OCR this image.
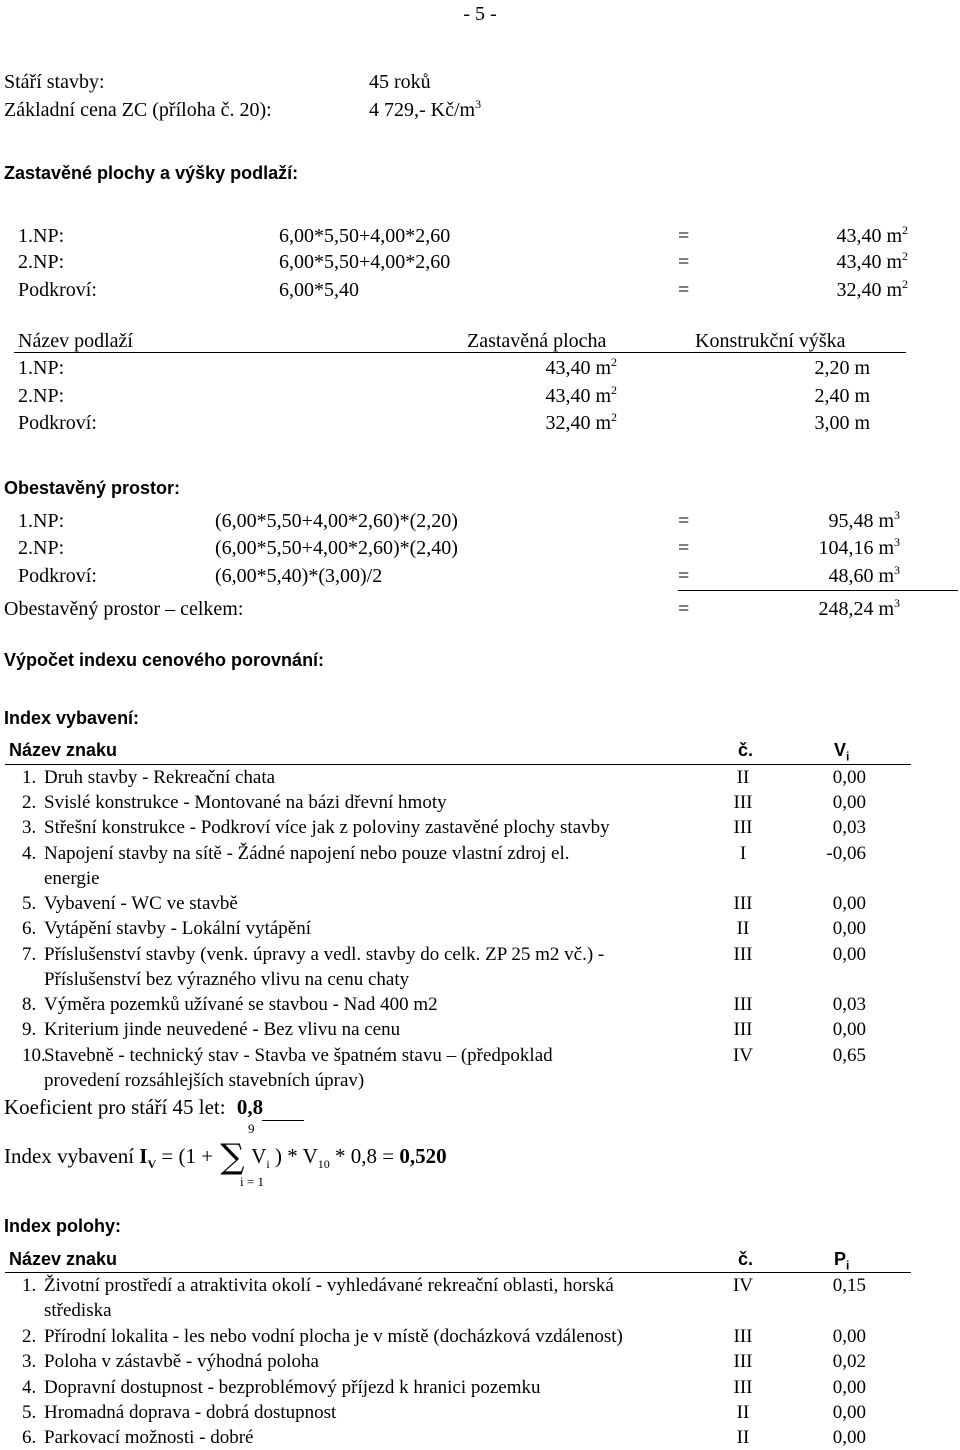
- 5 -
Stáří stavby:	45 roků
Základní cena ZC (příloha č. 20):	4 729,- $Kč/m^3$
Zastavěné plochy a výšky podlaží:
1.NP:	6,00*5,50+4,00*2,60	=	43,40 $m^2$
2.NP:	6,00*5,50+4,00*2,60	=	43,40 $m^2$
Podkroví:	6,00*5,40	=	32,40 $m^2$
Název podlaží	Zastavěná plocha	Konstrukční výška
1.NP:	43,40 $m^2$	2,20 m
2.NP:	43,40 $m^2$	2,40 m
Podkroví:	32,40 $m^2$	3,00 m
Obestavěný prostor:
1.NP:	(6,00*5,50+4,00*2,60)*(2,20)	=	95,48 $m^3$
2.NP:	(6,00*5,50+4,00*2,60)*(2,40)	=	104,16 $m^3$
Podkroví:	(6,00*5,40)*(3,00)/2	=	48,60 $m^3$
Obestavěný prostor – celkem:	=	248,24 $m^3$
Výpočet indexu cenového porovnání:
Index vybavení:
Název znaku	č.	$V_i$
1. Druh stavby - Rekreační chata	II	0,00
2. Svislé konstrukce - Montované na bázi dřevní hmoty	III	0,00
3. Střešní konstrukce - Podkroví více jak z poloviny zastavěné plochy stavby	III	0,03
4. Napojení stavby na sítě - Žádné napojení nebo pouze vlastní zdroj el.	I	-0,06
energie
5. Vybavení - WC ve stavbě	III	0,00
6. Vytápění stavby - Lokální vytápění	II	0,00
7. Příslušenství stavby (venk. úpravy a vedl. stavby do celk. ZP 25 m2 vč.) -	III	0,00
Příslušenství bez výrazného vlivu na cenu chaty
8. Výměra pozemků užívané se stavbou - Nad 400 m2	III	0,03
9. Kriterium jinde neuvedené - Bez vlivu na cenu	III	0,00
10.
Stavebně - technický stav - Stavba ve špatném stavu – (předpoklad	IV	0,65
provedení rozsáhlejších stavebních úprav)
Koeficient pro stáří 45 let: 0,8
9
i = 1
Index vybavení $I_V = (1$ + ∑ $V_i$ ) * $V_{10} * 0,8 = 0,520$
Index polohy:
Název znaku	č.	$P_i$
1. Životní prostředí a atraktivita okolí - vyhledávané rekreační oblasti, horská	IV	0,15
střediska
2. Přírodní lokalita - les nebo vodní plocha je v místě (docházková vzdálenost)	III	0,00
3. Poloha v zástavbě - výhodná poloha	III	0,02
4. Dopravní dostupnost - bezproblémový příjezd k hranici pozemku	III	0,00
5. Hromadná doprava - dobrá dostupnost	II	0,00
6. Parkovací možnosti - dobré	II	0,00
